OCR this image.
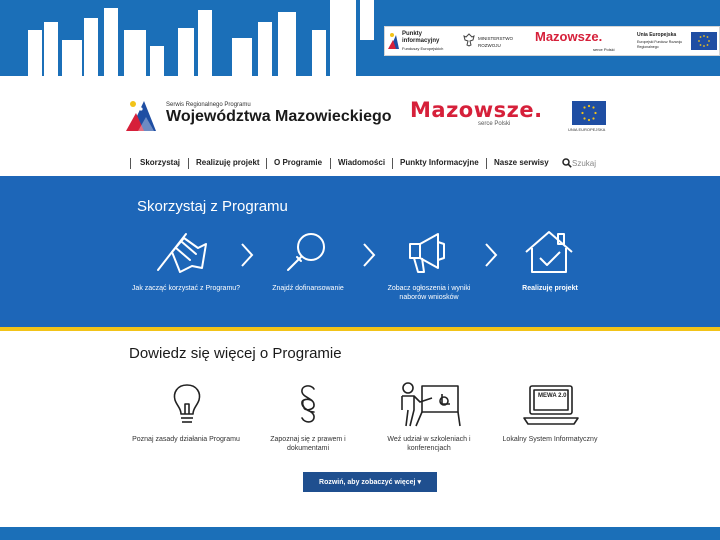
Punkty informacyjny
Funduszy Europejskich
MINISTERSTWO ROZWOJU
Mazowsze.
serce Polski
Unia Europejska
Europejski Fundusz Rozwoju Regionalnego
Serwis Regionalnego Programu
Województwa Mazowieckiego Mazowsze.
serce Polski
UNIA EUROPEJSKA
Skorzystaj Realizuję projekt O Programie Wiadomości Punkty Informacyjne Nasze serwisy	Szukaj
Skorzystaj z Programu
Jak zacząć korzystać z Programu?	Znajdź dofinansowanie	Zobacz ogłoszenia i wyniki naborów wniosków
Realizuję projekt
Dowiedz się więcej o Programie
MEWA 2.0
Poznaj zasady działania Programu	Zapoznaj się z prawem i dokumentami
Weź udział w szkoleniach i konferencjach
Lokalny System Informatyczny
Rozwiń, aby zobaczyć więcej ▾
